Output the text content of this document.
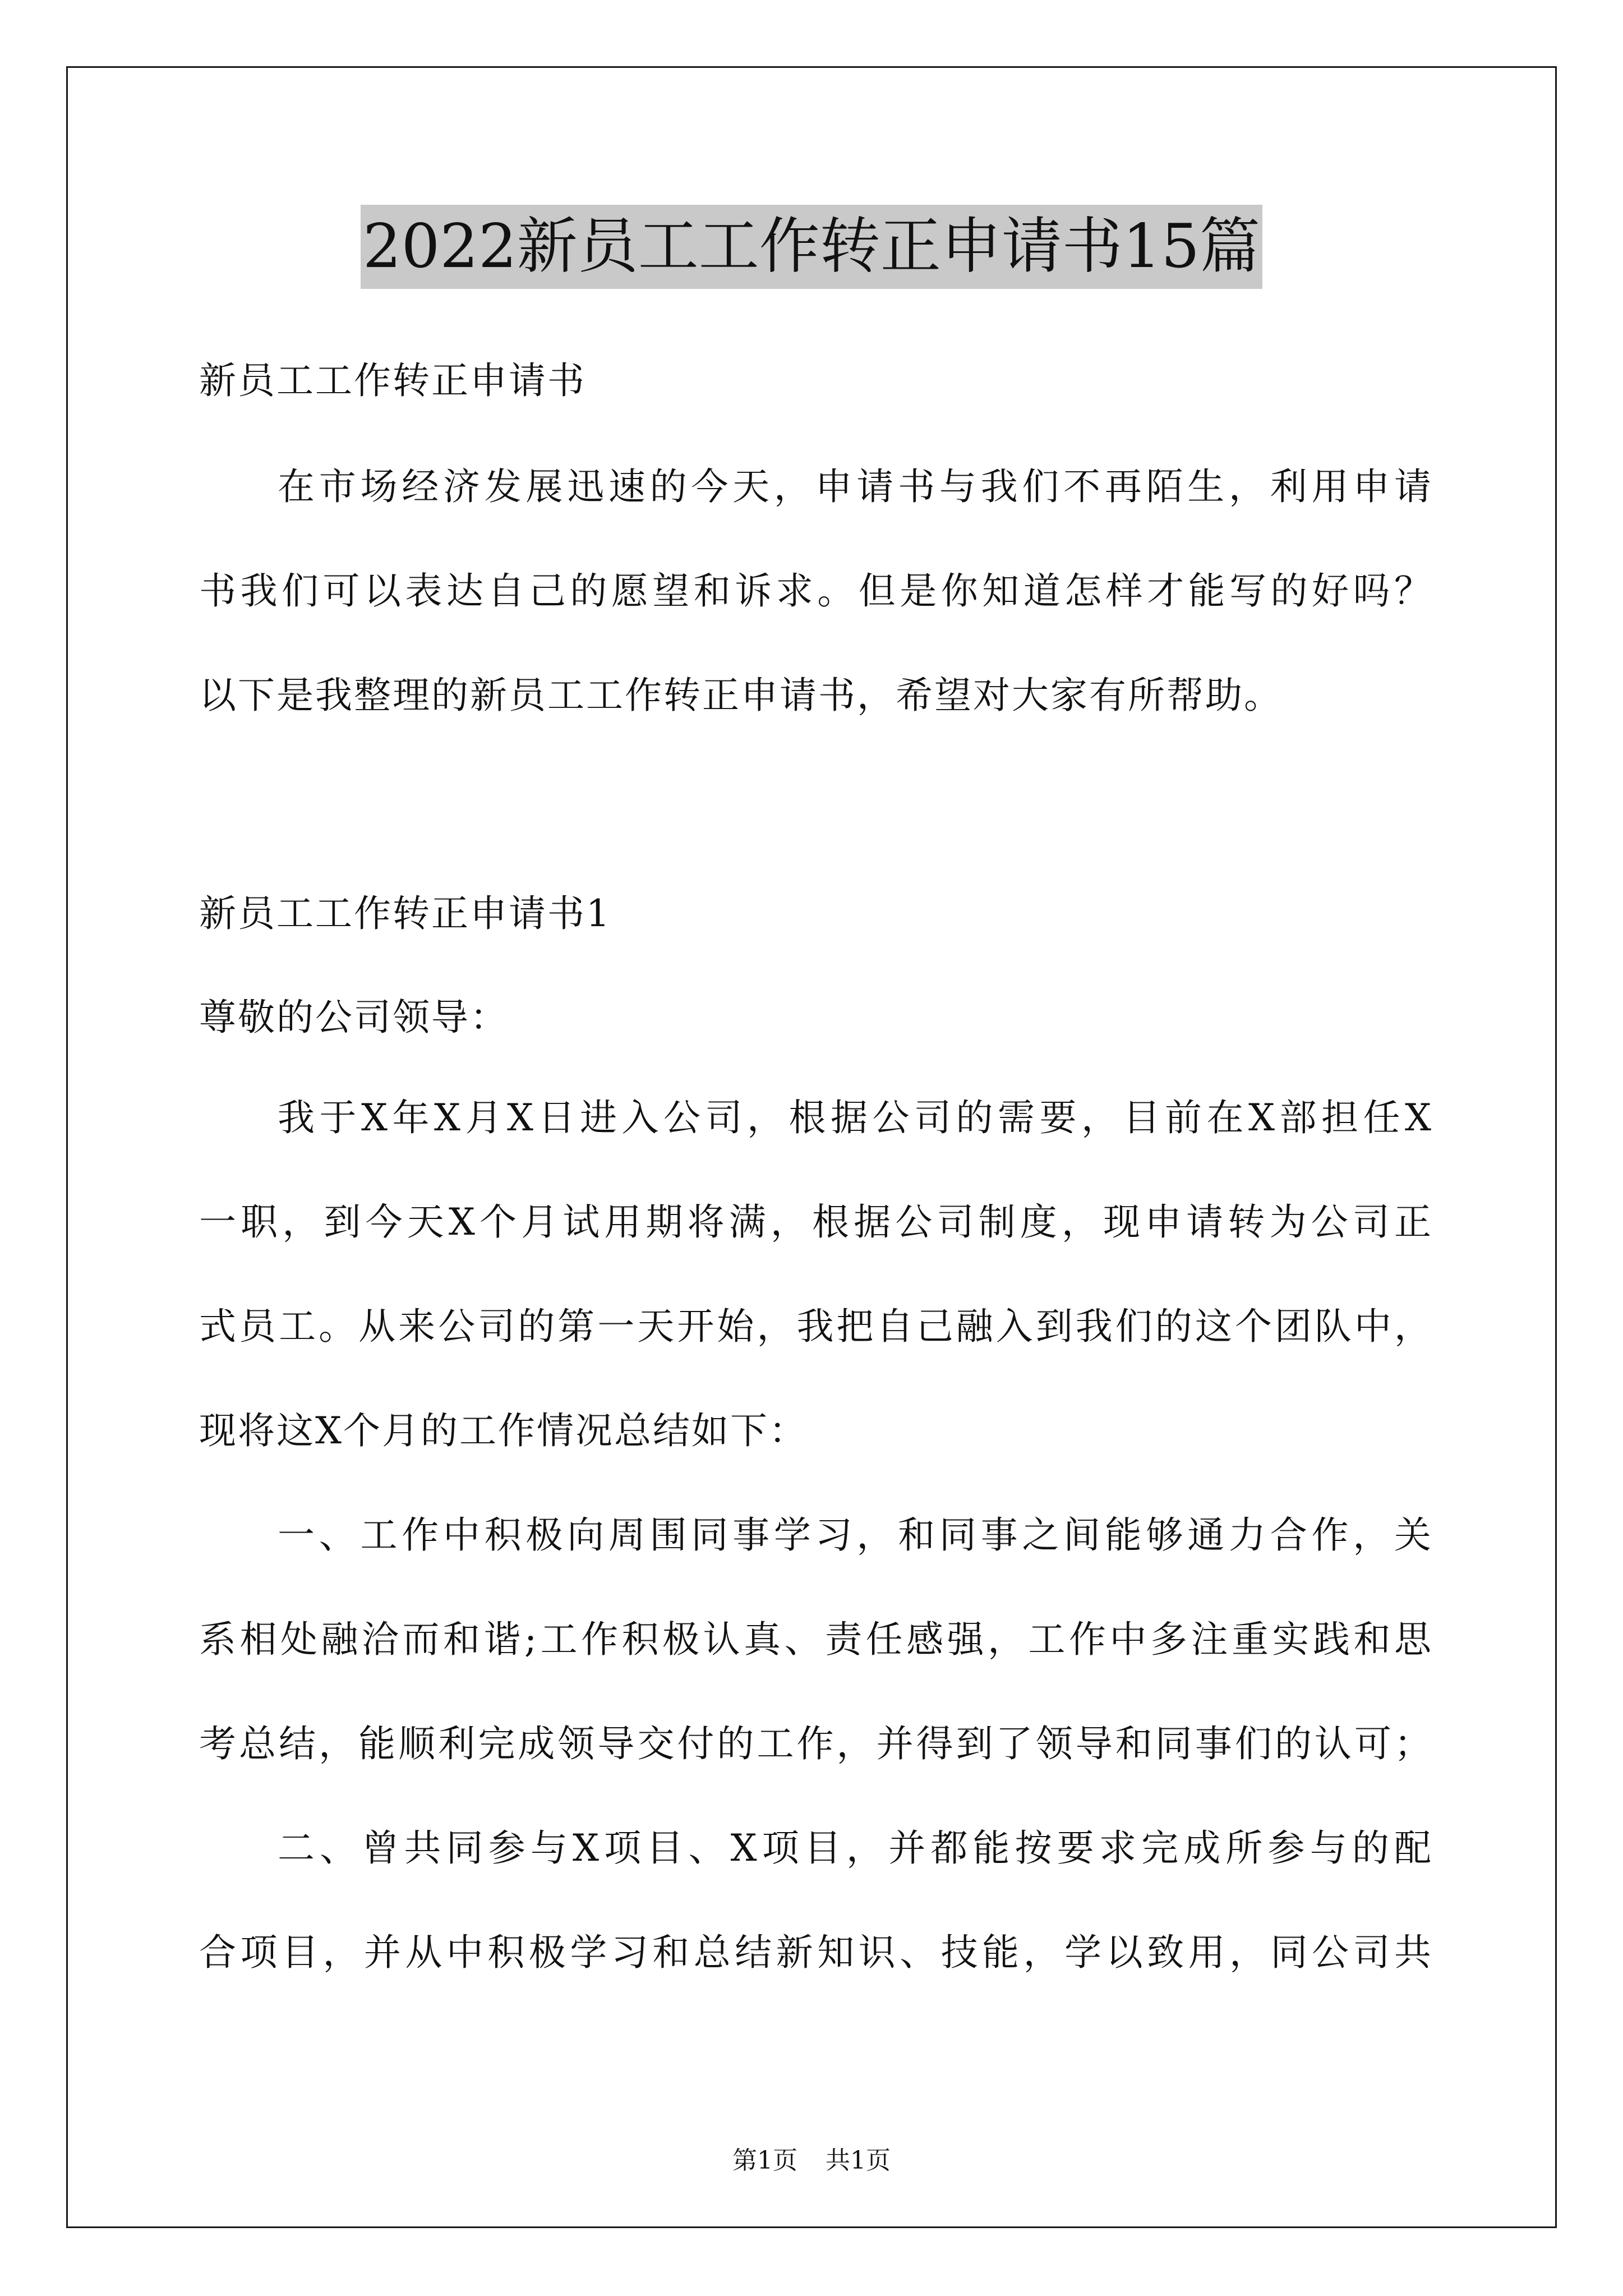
2022新员工工作转正申请书15篇

新员工工作转正申请书

在市场经济发展迅速的今天，申请书与我们不再陌生，利用申请
书我们可以表达自己的愿望和诉求。但是你知道怎样才能写的好吗？
以下是我整理的新员工工作转正申请书，希望对大家有所帮助。

新员工工作转正申请书1

尊敬的公司领导：

我于X年X月X日进入公司，根据公司的需要，目前在X部担任X
一职，到今天X个月试用期将满，根据公司制度，现申请转为公司正
式员工。从来公司的第一天开始，我把自己融入到我们的这个团队中，
现将这X个月的工作情况总结如下：
一、工作中积极向周围同事学习，和同事之间能够通力合作，关
系相处融洽而和谐;工作积极认真、责任感强，工作中多注重实践和思
考总结，能顺利完成领导交付的工作，并得到了领导和同事们的认可；
二、曾共同参与X项目、X项目，并都能按要求完成所参与的配
合项目，并从中积极学习和总结新知识、技能，学以致用，同公司共
第1页 共1页
